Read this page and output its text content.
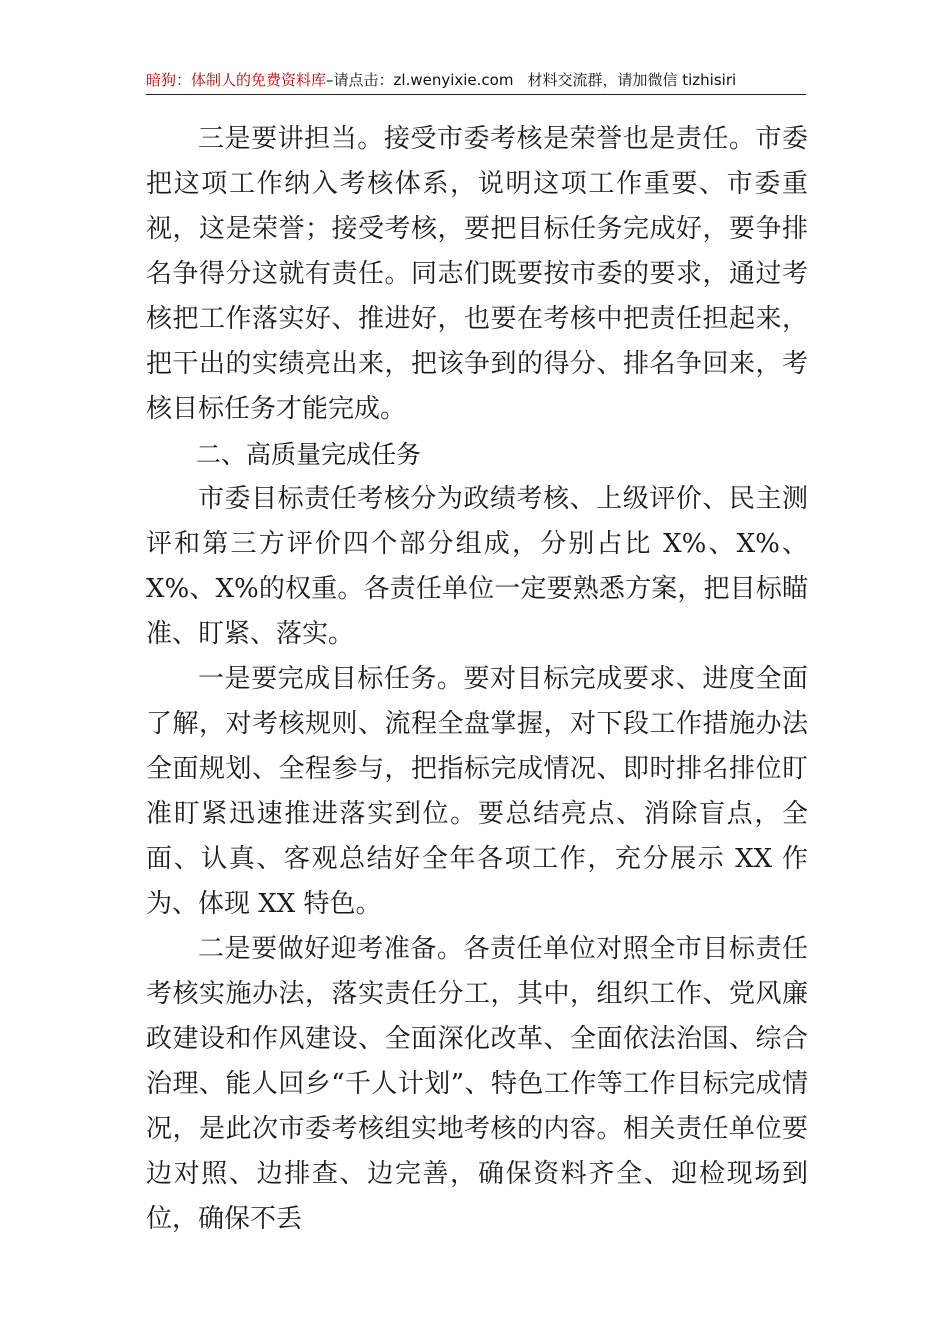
暗狗：体制人的免费资料库–请点击：zl.wenyixie.com 材料交流群，请加微信 tizhisiri

三是要讲担当。接受市委考核是荣誉也是责任。市委把这项工作纳入考核体系，说明这项工作重要、市委重视，这是荣誉；接受考核，要把目标任务完成好，要争排名争得分这就有责任。同志们既要按市委的要求，通过考核把工作落实好、推进好，也要在考核中把责任担起来，把干出的实绩亮出来，把该争到的得分、排名争回来，考核目标任务才能完成。

二、高质量完成任务

市委目标责任考核分为政绩考核、上级评价、民主测评和第三方评价四个部分组成，分别占比 X%、X%、X%、X%的权重。各责任单位一定要熟悉方案，把目标瞄准、盯紧、落实。

一是要完成目标任务。要对目标完成要求、进度全面了解，对考核规则、流程全盘掌握，对下段工作措施办法全面规划、全程参与，把指标完成情况、即时排名排位盯准盯紧迅速推进落实到位。要总结亮点、消除盲点，全面、认真、客观总结好全年各项工作，充分展示 XX 作为、体现 XX 特色。

二是要做好迎考准备。各责任单位对照全市目标责任考核实施办法，落实责任分工，其中，组织工作、党风廉政建设和作风建设、全面深化改革、全面依法治国、综合治理、能人回乡“千人计划”、特色工作等工作目标完成情况，是此次市委考核组实地考核的内容。相关责任单位要边对照、边排查、边完善，确保资料齐全、迎检现场到位，确保不丢
